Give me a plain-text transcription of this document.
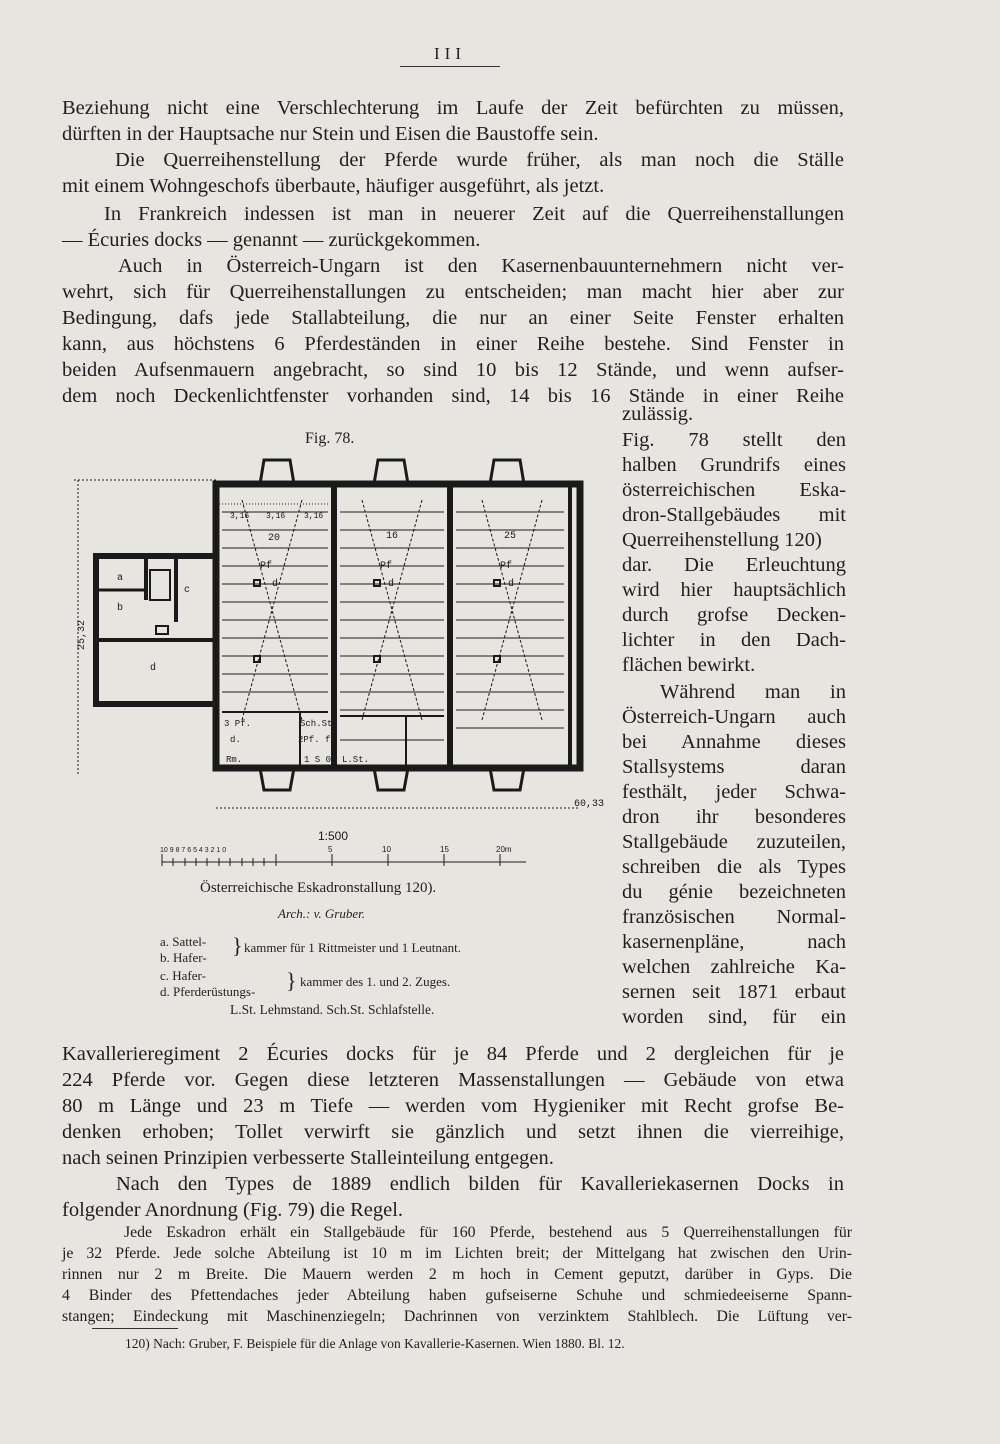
III
Beziehung nicht eine Verschlechterung im Laufe der Zeit befürchten zu müssen,
dürften in der Hauptsache nur Stein und Eisen die Baustoffe sein.
Die Querreihenstellung der Pferde wurde früher, als man noch die Ställe
mit einem Wohngeschofs überbaute, häufiger ausgeführt, als jetzt.
In Frankreich indessen ist man in neuerer Zeit auf die Querreihenstallungen
— Écuries docks — genannt — zurückgekommen.
Auch in Österreich-Ungarn ist den Kasernenbauunternehmern nicht ver-
wehrt, sich für Querreihenstallungen zu entscheiden; man macht hier aber zur
Bedingung, dafs jede Stallabteilung, die nur an einer Seite Fenster erhalten
kann, aus höchstens 6 Pferdeständen in einer Reihe bestehe. Sind Fenster in
beiden Aufsenmauern angebracht, so sind 10 bis 12 Stände, und wenn aufser-
dem noch Deckenlichtfenster vorhanden sind, 14 bis 16 Stände in einer Reihe
zulässig.
Fig. 78 stellt den
halben Grundrifs eines
österreichischen Eska-
dron-Stallgebäudes mit
Querreihenstellung 120)
dar. Die Erleuchtung
wird hier hauptsächlich
durch grofse Decken-
lichter in den Dach-
flächen bewirkt.
Während man in
Österreich-Ungarn auch
bei Annahme dieses
Stallsystems daran
festhält, jeder Schwa-
dron ihr besonderes
Stallgebäude zuzuteilen,
schreiben die als Types
du génie bezeichneten
französischen Normal-
kasernenpläne, nach
welchen zahlreiche Ka-
sernen seit 1871 erbaut
worden sind, für ein
Fig. 78.
a
b
c
d
3,16 3,16 3,16
20	16	25
Pf	Pf	Pf
d	d	d
3 Pf.
d.
Rm.
Sch.St
2Pf. f.
1 S 0 L.St.
25,32
60,33
1:500
10 9 8 7 6 5 4 3 2 1 0	5	10	15	20m
Österreichische Eskadronstallung 120).
Arch.: v. Gruber.
a. Sattel-
b. Hafer- } kammer für 1 Rittmeister und 1 Leutnant.
c. Hafer-
d. Pferderüstungs- } kammer des 1. und 2. Zuges.
L.St. Lehmstand. Sch.St. Schlafstelle.
Kavallerieregiment 2 Écuries docks für je 84 Pferde und 2 dergleichen für je
224 Pferde vor. Gegen diese letzteren Massenstallungen — Gebäude von etwa
80 m Länge und 23 m Tiefe — werden vom Hygieniker mit Recht grofse Be-
denken erhoben; Tollet verwirft sie gänzlich und setzt ihnen die vierreihige,
nach seinen Prinzipien verbesserte Stalleinteilung entgegen.
Nach den Types de 1889 endlich bilden für Kavalleriekasernen Docks in
folgender Anordnung (Fig. 79) die Regel.
Jede Eskadron erhält ein Stallgebäude für 160 Pferde, bestehend aus 5 Querreihenstallungen für
je 32 Pferde. Jede solche Abteilung ist 10 m im Lichten breit; der Mittelgang hat zwischen den Urin-
rinnen nur 2 m Breite. Die Mauern werden 2 m hoch in Cement geputzt, darüber in Gyps. Die
4 Binder des Pfettendaches jeder Abteilung haben gufseiserne Schuhe und schmiedeeiserne Spann-
stangen; Eindeckung mit Maschinenziegeln; Dachrinnen von verzinktem Stahlblech. Die Lüftung ver-
120) Nach: Gruber, F. Beispiele für die Anlage von Kavallerie-Kasernen. Wien 1880. Bl. 12.
